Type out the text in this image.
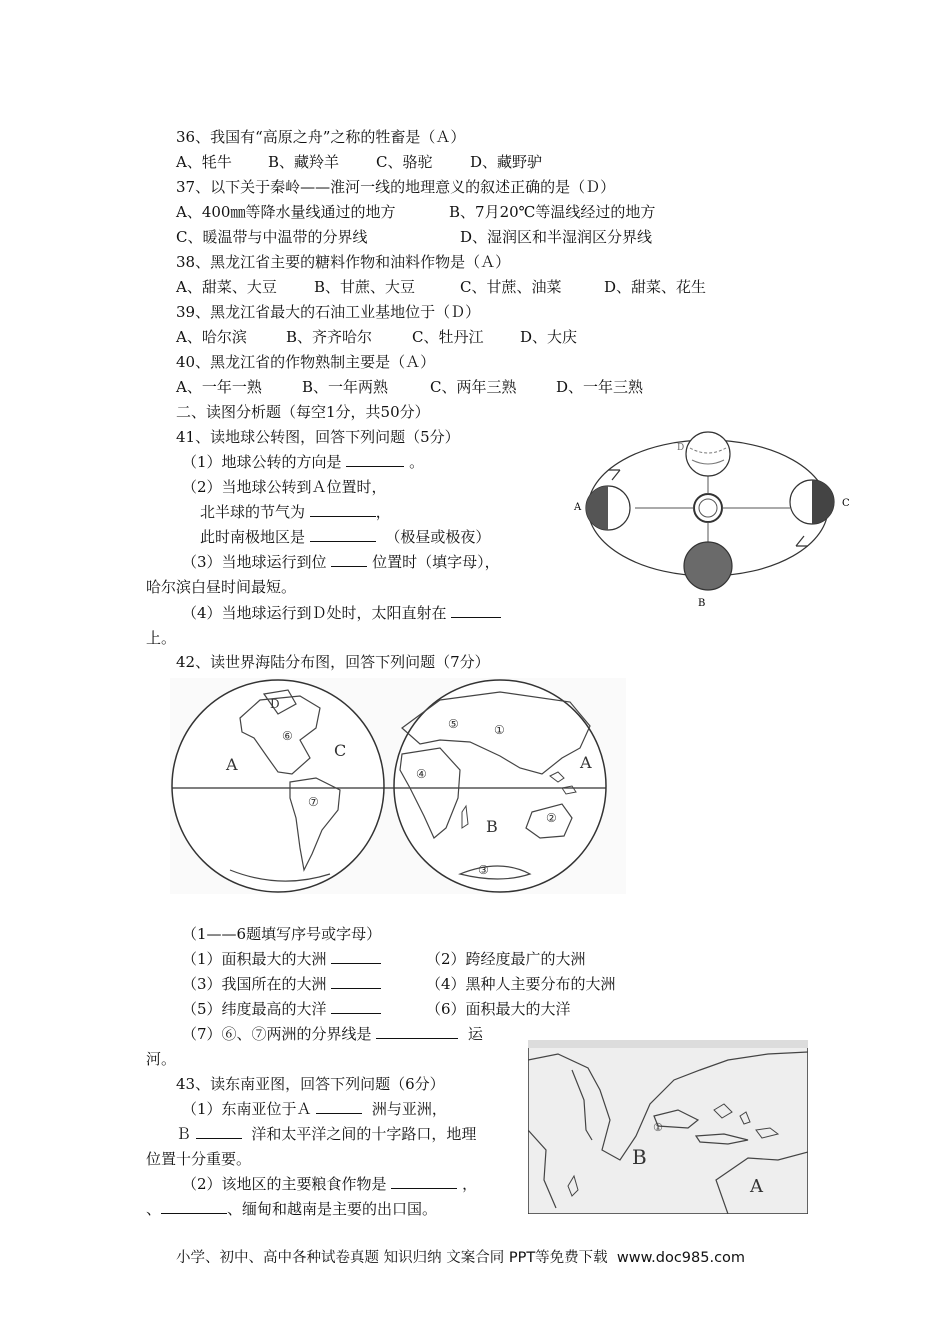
36、我国有“高原之舟”之称的牲畜是（Ａ）
A、牦牛 B、藏羚羊 C、骆驼	D、藏野驴
37、以下关于秦岭——淮河一线的地理意义的叙述正确的是（Ｄ）
A、400㎜等降水量线通过的地方	B、7月20℃等温线经过的地方
C、暖温带与中温带的分界线	D、湿润区和半湿润区分界线
38、黑龙江省主要的糖料作物和油料作物是（Ａ）
A、甜菜、大豆 B、甘蔗、大豆	C、甘蔗、油菜	D、甜菜、花生
39、黑龙江省最大的石油工业基地位于（Ｄ）
A、哈尔滨	B、齐齐哈尔	C、牡丹江 D、大庆
40、黑龙江省的作物熟制主要是（Ａ）
A、一年一熟	B、一年两熟	C、两年三熟	D、一年三熟
二、读图分析题（每空1分，共50分）
41、读地球公转图，回答下列问题（5分）
（1）地球公转的方向是	。
（2）当地球公转到Ａ位置时，
北半球的节气为	，
此时南极地区是	（极昼或极夜）
（3）当地球运行到位	位置时（填字母），
哈尔滨白昼时间最短。
（4）当地球运行到Ｄ处时，太阳直射在
上。
A	C
D
B
42、读世界海陆分布图，回答下列问题（7分）
A	A
B
C
D
①
②
③
④
⑤
⑥
⑦
（1——6题填写序号或字母）
（1）面积最大的大洲	（2）跨经度最广的大洲
（3）我国所在的大洲	（4）黑种人主要分布的大洲
（5）纬度最高的大洋	（6）面积最大的大洋
（7）⑥、⑦两洲的分界线是	运
河。
43、读东南亚图，回答下列问题（6分）
（1）东南亚位于Ａ	洲与亚洲，
Ｂ	洋和太平洋之间的十字路口，地理
位置十分重要。
（2）该地区的主要粮食作物是	，
、	、缅甸和越南是主要的出口国。
B
A
①
小学、初中、高中各种试卷真题 知识归纳 文案合同 PPT等免费下载  www.doc985.com
